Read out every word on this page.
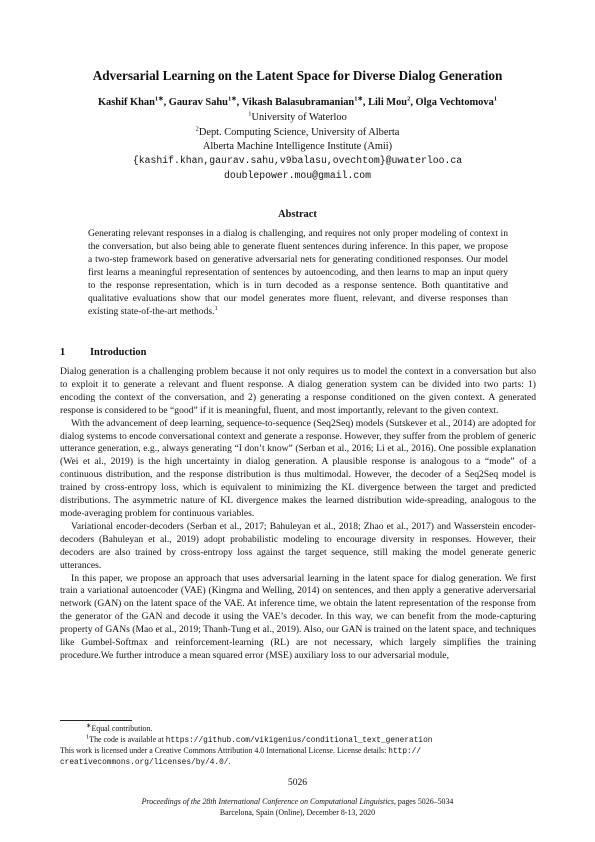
Adversarial Learning on the Latent Space for Diverse Dialog Generation
Kashif Khan$^{1∗}$, Gaurav Sahu$^{1∗}$, Vikash Balasubramanian$^{1∗}$, Lili Mou$^2$, Olga Vechtomova$^1$
$^1$University of Waterloo
$^2$Dept. Computing Science, University of Alberta
Alberta Machine Intelligence Institute (Amii)
{kashif.khan,gaurav.sahu,v9balasu,ovechtom}@uwaterloo.ca
doublepower.mou@gmail.com
Abstract
Generating relevant responses in a dialog is challenging, and requires not only proper modeling of context in the conversation, but also being able to generate fluent sentences during inference. In this paper, we propose a two-step framework based on generative adversarial nets for generating conditioned responses. Our model first learns a meaningful representation of sentences by autoencoding, and then learns to map an input query to the response representation, which is in turn decoded as a response sentence. Both quantitative and qualitative evaluations show that our model generates more fluent, relevant, and diverse responses than existing state-of-the-art methods.$^1$
1 Introduction

Dialog generation is a challenging problem because it not only requires us to model the context in a conversation but also to exploit it to generate a relevant and fluent response. A dialog generation system can be divided into two parts: 1) encoding the context of the conversation, and 2) generating a response conditioned on the given context. A generated response is considered to be “good” if it is meaningful, fluent, and most importantly, relevant to the given context.

With the advancement of deep learning, sequence-to-sequence (Seq2Seq) models (Sutskever et al., 2014) are adopted for dialog systems to encode conversational context and generate a response. However, they suffer from the problem of generic utterance generation, e.g., always generating “I don’t know” (Serban et al., 2016; Li et al., 2016). One possible explanation (Wei et al., 2019) is the high uncertainty in dialog generation. A plausible response is analogous to a “mode” of a continuous distribution, and the response distribution is thus multimodal. However, the decoder of a Seq2Seq model is trained by cross-entropy loss, which is equivalent to minimizing the KL divergence between the target and predicted distributions. The asymmetric nature of KL divergence makes the learned distribution wide-spreading, analogous to the mode-averaging problem for continuous variables.

Variational encoder-decoders (Serban et al., 2017; Bahuleyan et al., 2018; Zhao et al., 2017) and Wasserstein encoder-decoders (Bahuleyan et al., 2019) adopt probabilistic modeling to encourage diversity in responses. However, their decoders are also trained by cross-entropy loss against the target sequence, still making the model generate generic utterances.

In this paper, we propose an approach that uses adversarial learning in the latent space for dialog generation. We first train a variational autoencoder (VAE) (Kingma and Welling, 2014) on sentences, and then apply a generative aderversarial network (GAN) on the latent space of the VAE. At inference time, we obtain the latent representation of the response from the generator of the GAN and decode it using the VAE’s decoder. In this way, we can benefit from the mode-capturing property of GANs (Mao et al., 2019; Thanh-Tung et al., 2019). Also, our GAN is trained on the latent space, and techniques like Gumbel-Softmax and reinforcement-learning (RL) are not necessary, which largely simplifies the training procedure.We further introduce a mean squared error (MSE) auxiliary loss to our adversarial module,

∗Equal contribution.
$^1$The code is available at https://github.com/vikigenius/conditional_text_generation
This work is licensed under a Creative Commons Attribution 4.0 International License. License details: http://
creativecommons.org/licenses/by/4.0/.
5026
Proceedings of the 28th International Conference on Computational Linguistics, pages 5026–5034
Barcelona, Spain (Online), December 8-13, 2020
